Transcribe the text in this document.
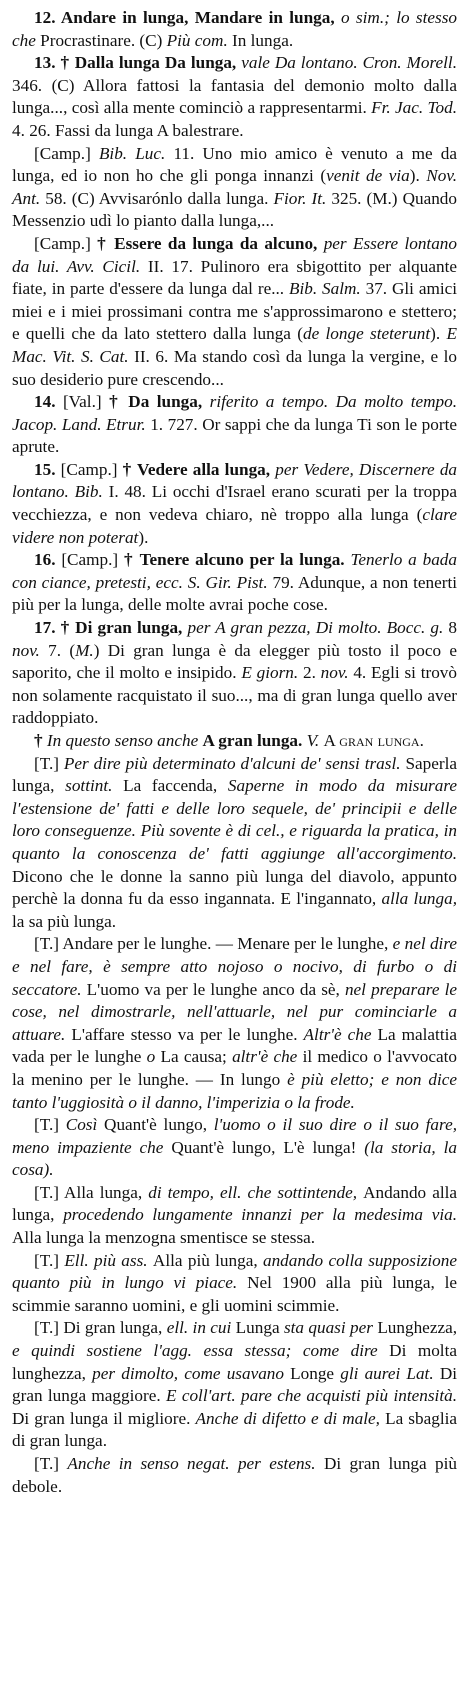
12. Andare in lunga, Mandare in lunga, o sim.; lo stesso che Procrastinare. (C) Più com. In lunga.

13. † Dalla lunga Da lunga, vale Da lontano. Cron. Morell. 346. (C) Allora fattosi la fantasia del demonio molto dalla lunga..., così alla mente cominciò a rappresentarmi. Fr. Jac. Tod. 4. 26. Fassi da lunga A balestrare.

[Camp.] Bib. Luc. 11. Uno mio amico è venuto a me da lunga, ed io non ho che gli ponga innanzi (venit de via). Nov. Ant. 58. (C) Avvisarónlo dalla lunga. Fior. It. 325. (M.) Quando Messenzio udì lo pianto dalla lunga,...

[Camp.] † Essere da lunga da alcuno, per Essere lontano da lui. Avv. Cicil. II. 17. Pulinoro era sbigottito per alquante fiate, in parte d'essere da lunga dal re... Bib. Salm. 37. Gli amici miei e i miei prossimani contra me s'approssimarono e stettero; e quelli che da lato stettero dalla lunga (de longe steterunt). E Mac. Vit. S. Cat. II. 6. Ma stando così da lunga la vergine, e lo suo desiderio pure crescendo...

14. [Val.] † Da lunga, riferito a tempo. Da molto tempo. Jacop. Land. Etrur. 1. 727. Or sappi che da lunga Ti son le porte aprute.

15. [Camp.] † Vedere alla lunga, per Vedere, Discernere da lontano. Bib. I. 48. Li occhi d'Israel erano scurati per la troppa vecchiezza, e non vedeva chiaro, nè troppo alla lunga (clare videre non poterat).

16. [Camp.] † Tenere alcuno per la lunga. Tenerlo a bada con ciance, pretesti, ecc. S. Gir. Pist. 79. Adunque, a non tenerti più per la lunga, delle molte avrai poche cose.

17. † Di gran lunga, per A gran pezza, Di molto. Bocc. g. 8 nov. 7. (M.) Di gran lunga è da elegger più tosto il poco e saporito, che il molto e insipido. E giorn. 2. nov. 4. Egli si trovò non solamente racquistato il suo..., ma di gran lunga quello aver raddoppiato.

† In questo senso anche A gran lunga. V. A gran lunga.

[T.] Per dire più determinato d'alcuni de' sensi trasl. Saperla lunga, sottint. La faccenda, Saperne in modo da misurare l'estensione de' fatti e delle loro sequele, de' principii e delle loro conseguenze. Più sovente è di cel., e riguarda la pratica, in quanto la conoscenza de' fatti aggiunge all'accorgimento. Dicono che le donne la sanno più lunga del diavolo, appunto perchè la donna fu da esso ingannata. E l'ingannato, alla lunga, la sa più lunga.

[T.] Andare per le lunghe. — Menare per le lunghe, e nel dire e nel fare, è sempre atto nojoso o nocivo, di furbo o di seccatore. L'uomo va per le lunghe anco da sè, nel preparare le cose, nel dimostrarle, nell'attuarle, nel pur cominciarle a attuare. L'affare stesso va per le lunghe. Altr'è che La malattia vada per le lunghe o La causa; altr'è che il medico o l'avvocato la menino per le lunghe. — In lungo è più eletto; e non dice tanto l'uggiosità o il danno, l'imperizia o la frode.

[T.] Così Quant'è lungo, l'uomo o il suo dire o il suo fare, meno impaziente che Quant'è lungo, L'è lunga! (la storia, la cosa).

[T.] Alla lunga, di tempo, ell. che sottintende, Andando alla lunga, procedendo lungamente innanzi per la medesima via. Alla lunga la menzogna smentisce se stessa.

[T.] Ell. più ass. Alla più lunga, andando colla supposizione quanto più in lungo vi piace. Nel 1900 alla più lunga, le scimmie saranno uomini, e gli uomini scimmie.

[T.] Di gran lunga, ell. in cui Lunga sta quasi per Lunghezza, e quindi sostiene l'agg. essa stessa; come dire Di molta lunghezza, per dimolto, come usavano Longe gli aurei Lat. Di gran lunga maggiore. E coll'art. pare che acquisti più intensità. Di gran lunga il migliore. Anche di difetto e di male, La sbaglia di gran lunga.

[T.] Anche in senso negat. per estens. Di gran lunga più debole.
